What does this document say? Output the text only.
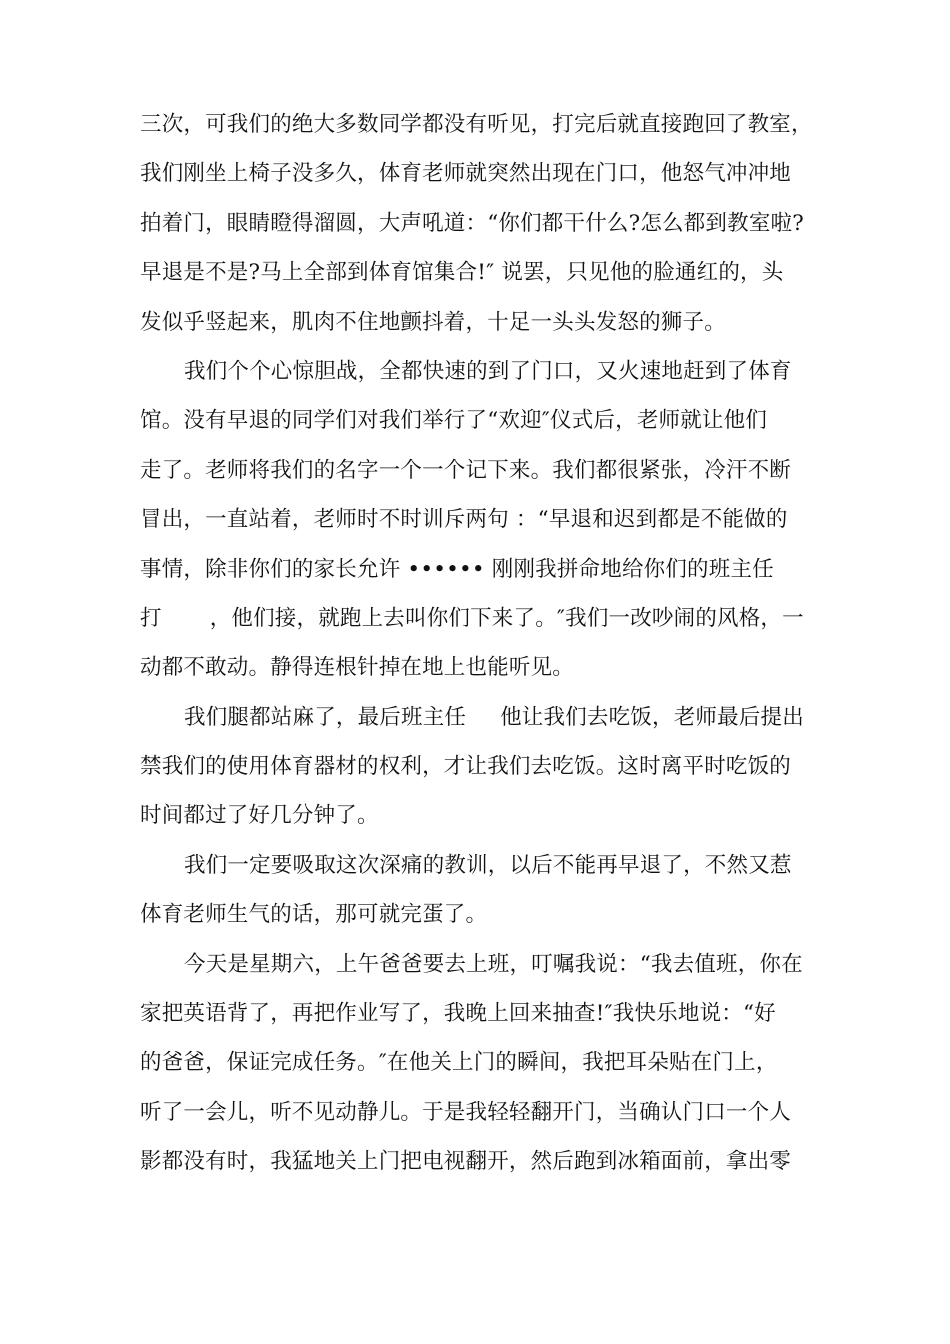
三次，可我们的绝大多数同学都没有听见，打完后就直接跑回了教室，
我们刚坐上椅子没多久，体育老师就突然出现在门口，他怒气冲冲地
拍着门，眼睛瞪得溜圆，大声吼道：“你们都干什么?怎么都到教室啦?
早退是不是?马上全部到体育馆集合!″ 说罢，只见他的脸通红的，头
发似乎竖起来，肌肉不住地颤抖着，十足一头头发怒的狮子。
我们个个心惊胆战，全都快速的到了门口，又火速地赶到了体育
馆。没有早退的同学们对我们举行了“欢迎″仪式后，老师就让他们
走了。老师将我们的名字一个一个记下来。我们都很紧张，冷汗不断
冒出，一直站着，老师时不时训斥两句 ：“早退和迟到都是不能做的
事情，除非你们的家长允许 •••••• 刚刚我拼命地给你们的班主任
打 ，他们接，就跑上去叫你们下来了。″我们一改吵闹的风格，一
动都不敢动。静得连根针掉在地上也能听见。
我们腿都站麻了，最后班主任 他让我们去吃饭，老师最后提出
禁我们的使用体育器材的权利，才让我们去吃饭。这时离平时吃饭的
时间都过了好几分钟了。
我们一定要吸取这次深痛的教训，以后不能再早退了，不然又惹
体育老师生气的话，那可就完蛋了。
今天是星期六，上午爸爸要去上班，叮嘱我说：“我去值班，你在
家把英语背了，再把作业写了，我晚上回来抽查!″我快乐地说：“好
的爸爸，保证完成任务。″在他关上门的瞬间，我把耳朵贴在门上，
听了一会儿，听不见动静儿。于是我轻轻翻开门，当确认门口一个人
影都没有时，我猛地关上门把电视翻开，然后跑到冰箱面前，拿出零
